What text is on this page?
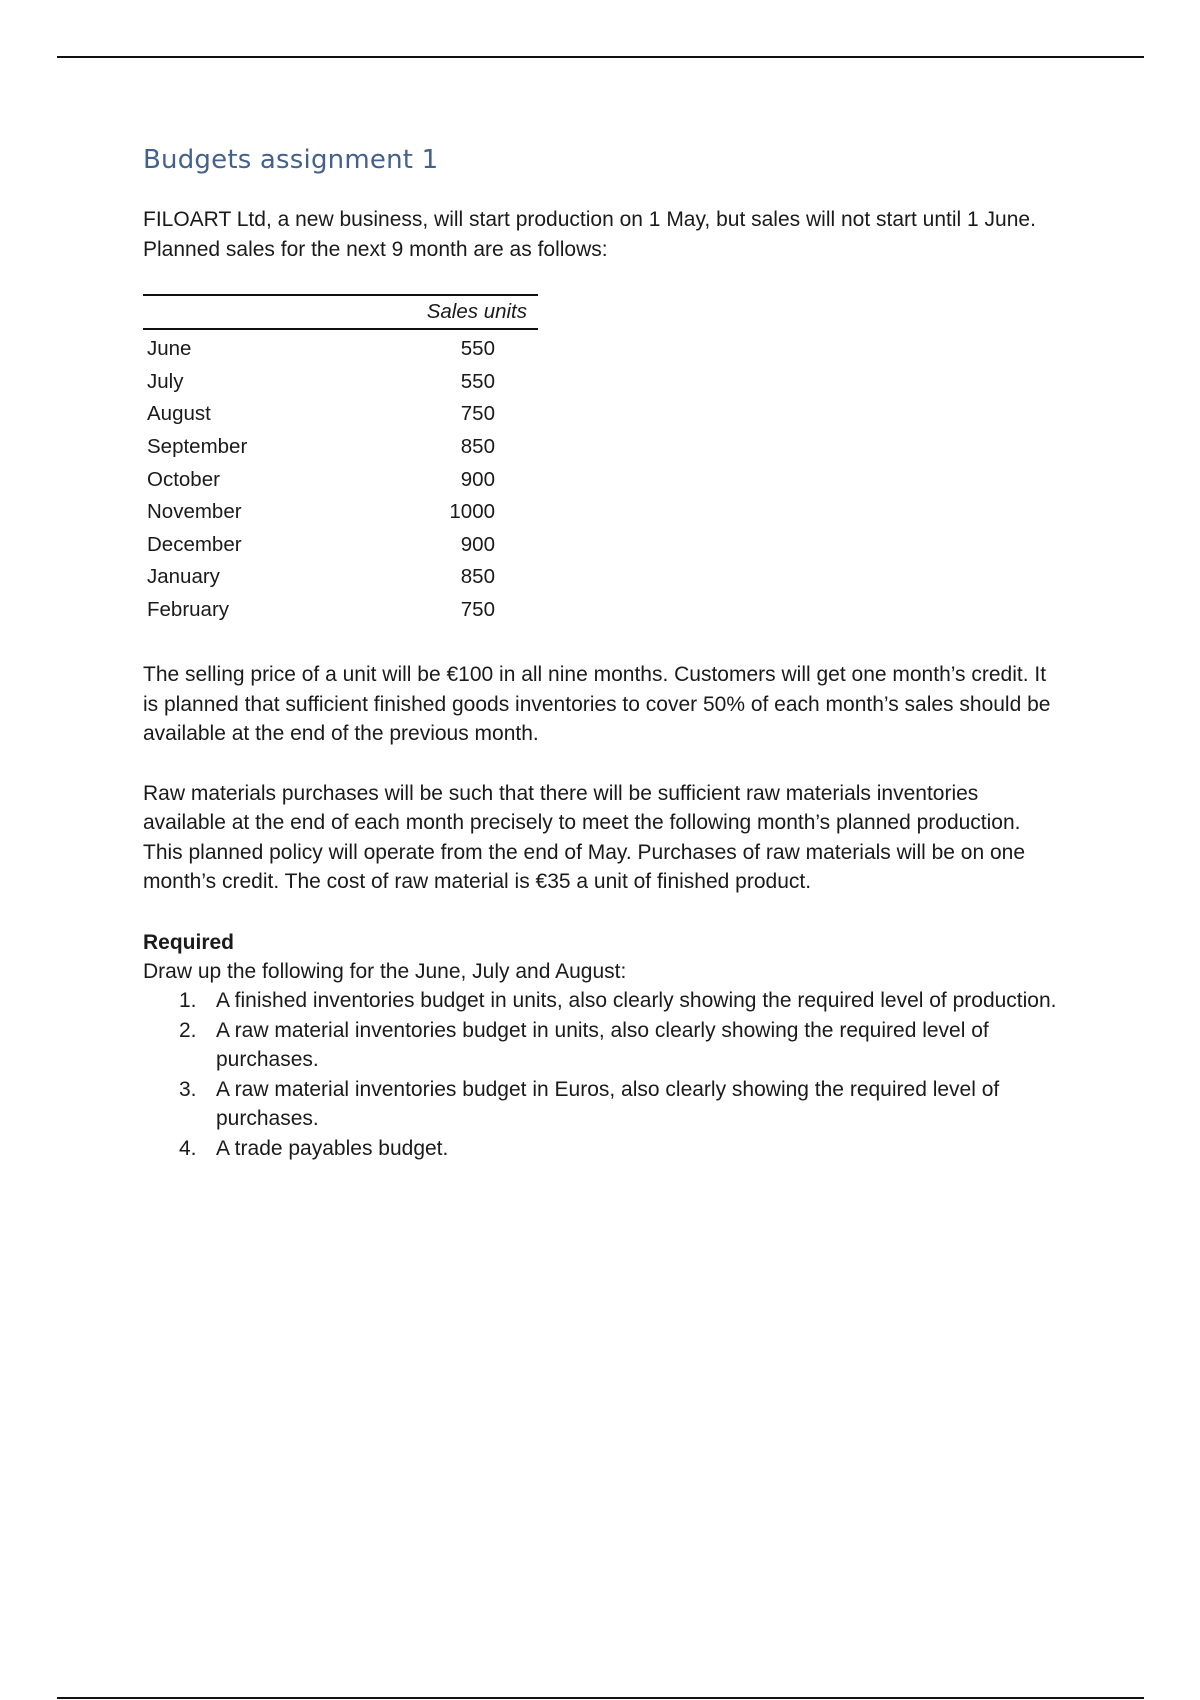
Budgets assignment 1

FILOART Ltd, a new business, will start production on 1 May, but sales will not start until 1 June. Planned sales for the next 9 month are as follows:

	Sales units
June	550
July	550
August	750
September	850
October	900
November	1000
December	900
January	850
February	750

The selling price of a unit will be €100 in all nine months. Customers will get one month’s credit. It is planned that sufficient finished goods inventories to cover 50% of each month’s sales should be available at the end of the previous month.

Raw materials purchases will be such that there will be sufficient raw materials inventories available at the end of each month precisely to meet the following month’s planned production. This planned policy will operate from the end of May. Purchases of raw materials will be on one month’s credit. The cost of raw material is €35 a unit of finished product.

Required

Draw up the following for the June, July and August:

1. A finished inventories budget in units, also clearly showing the required level of production.
2. A raw material inventories budget in units, also clearly showing the required level of purchases.
3. A raw material inventories budget in Euros, also clearly showing the required level of purchases.
4. A trade payables budget.
